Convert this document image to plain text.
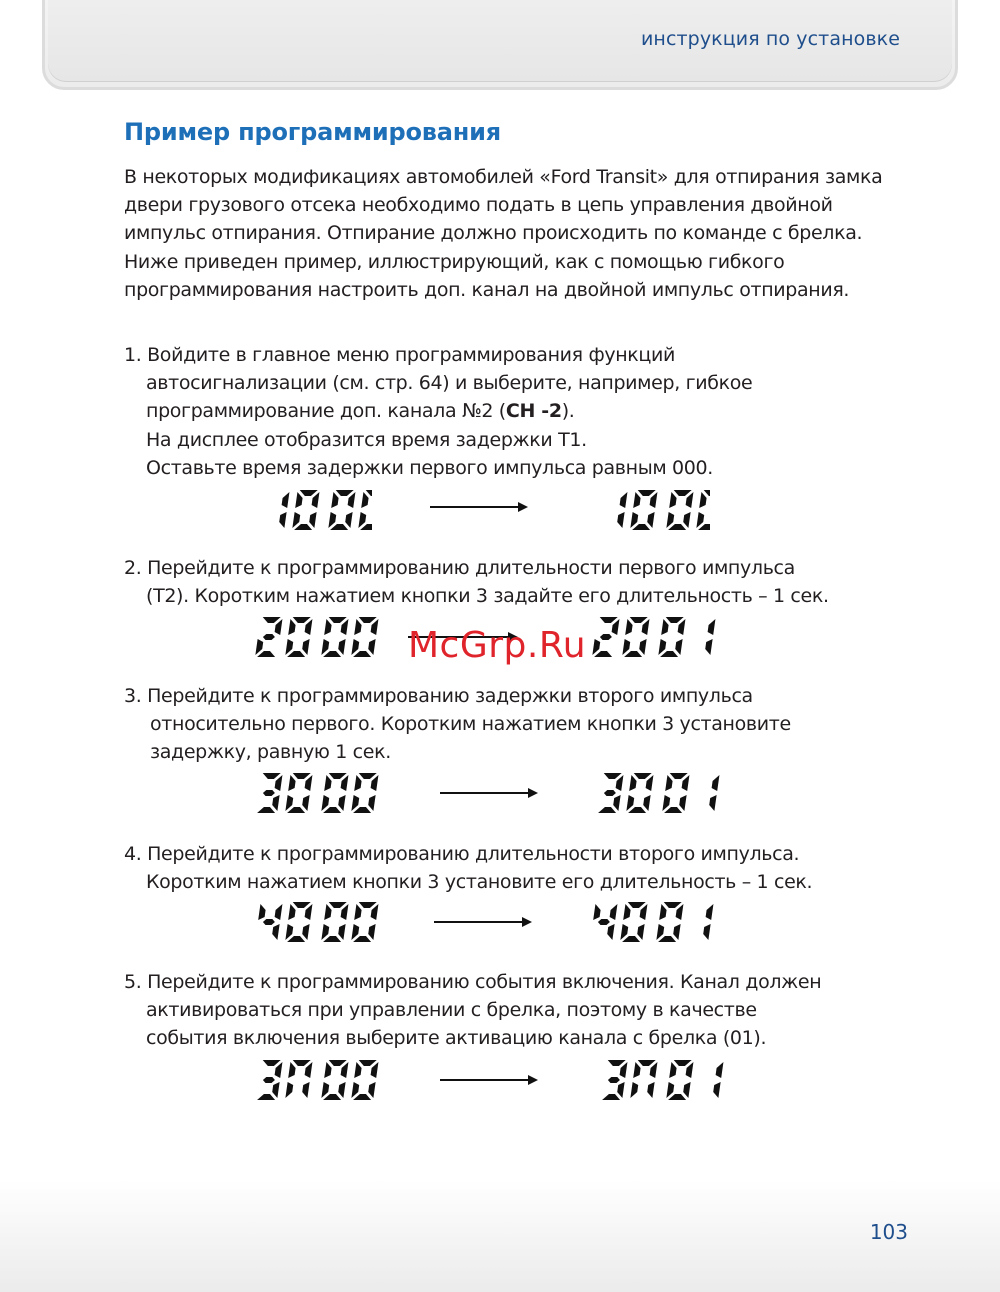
инструкция по установке
Пример программирования
В некоторых модификациях автомобилей «Ford Transit» для отпирания замка двери грузового отсека необходимо подать в цепь управления двойной импульс отпирания. Отпирание должно происходить по команде с брелка. Ниже приведен пример, иллюстрирующий, как с помощью гибкого программирования настроить доп. канал на двойной импульс отпирания.
1. Войдите в главное меню программирования функций
автосигнализации (см. стр. 64) и выберите, например, гибкое
программирование доп. канала №2 (CH -2).
На дисплее отобразится время задержки T1.
Оставьте время задержки первого импульса равным 000.
2. Перейдите к программированию длительности первого импульса
(T2). Коротким нажатием кнопки 3 задайте его длительность – 1 сек.
McGrp.Ru
3. Перейдите к программированию задержки второго импульса
относительно первого. Коротким нажатием кнопки 3 установите
задержку, равную 1 сек.
4. Перейдите к программированию длительности второго импульса.
Коротким нажатием кнопки 3 установите его длительность – 1 сек.
5. Перейдите к программированию события включения. Канал должен
активироваться при управлении с брелка, поэтому в качестве
события включения выберите активацию канала с брелка (01).
103
